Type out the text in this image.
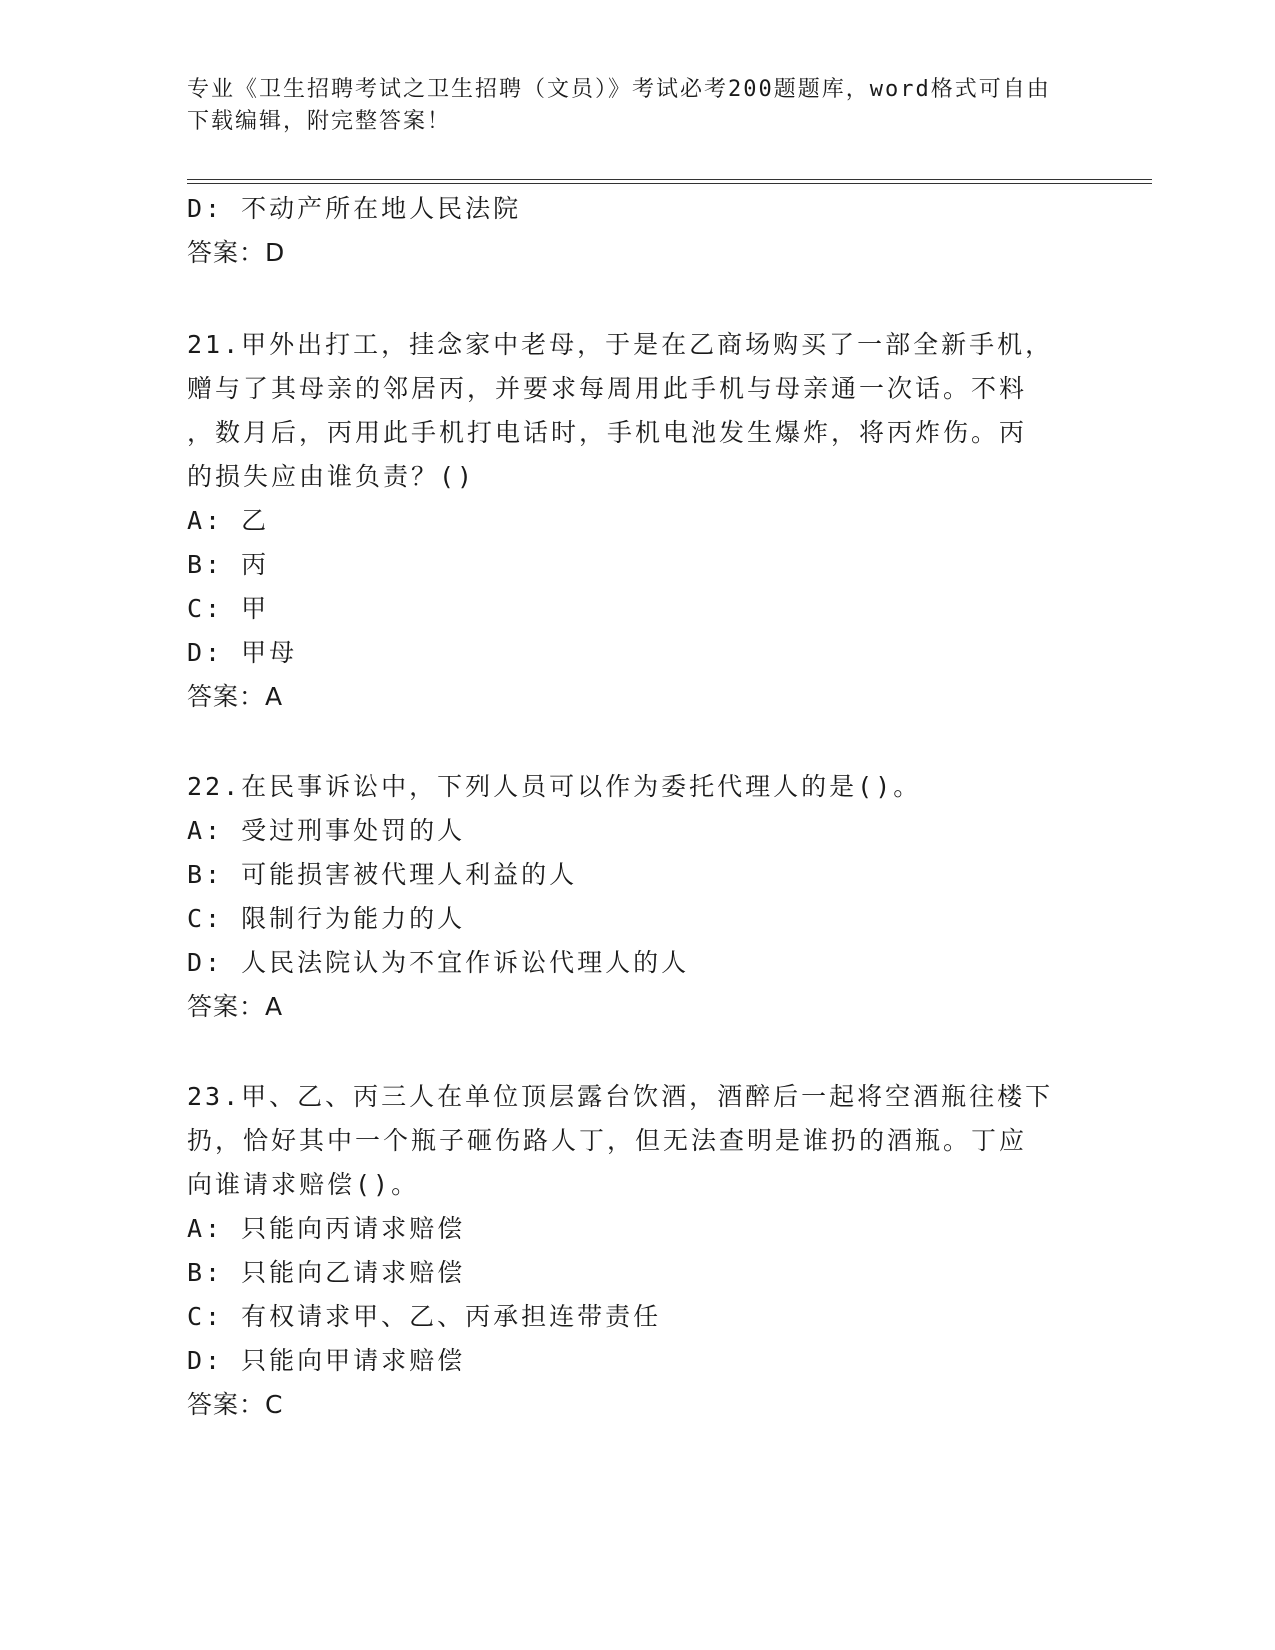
专业《卫生招聘考试之卫生招聘（文员）》考试必考200题题库，word格式可自由下载编辑，附完整答案！
D: 不动产所在地人民法院
答案：D
21.甲外出打工，挂念家中老母，于是在乙商场购买了一部全新手机，
赠与了其母亲的邻居丙，并要求每周用此手机与母亲通一次话。不料
，数月后，丙用此手机打电话时，手机电池发生爆炸，将丙炸伤。丙
的损失应由谁负责？()
A: 乙
B: 丙
C: 甲
D: 甲母
答案：A
22.在民事诉讼中，下列人员可以作为委托代理人的是()。
A: 受过刑事处罚的人
B: 可能损害被代理人利益的人
C: 限制行为能力的人
D: 人民法院认为不宜作诉讼代理人的人
答案：A
23.甲、乙、丙三人在单位顶层露台饮酒，酒醉后一起将空酒瓶往楼下
扔，恰好其中一个瓶子砸伤路人丁，但无法查明是谁扔的酒瓶。丁应
向谁请求赔偿()。
A: 只能向丙请求赔偿
B: 只能向乙请求赔偿
C: 有权请求甲、乙、丙承担连带责任
D: 只能向甲请求赔偿
答案：C
